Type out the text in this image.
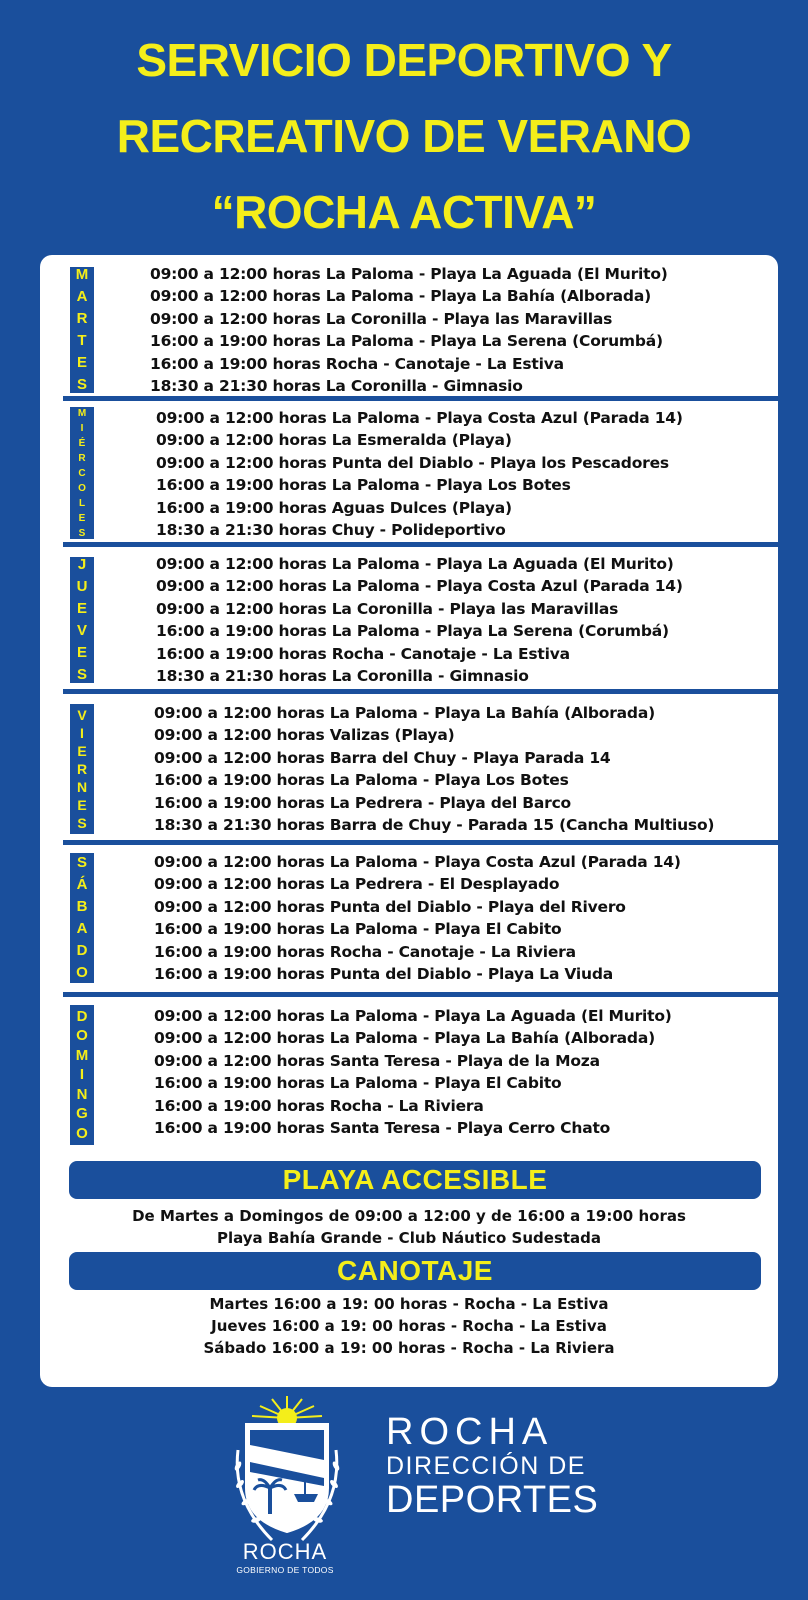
SERVICIO DEPORTIVO Y
RECREATIVO DE VERANO
“ROCHA ACTIVA”
M
A
R
T
E
S
09:00 a 12:00 horas La Paloma - Playa La Aguada (El Murito)
09:00 a 12:00 horas La Paloma - Playa La Bahía (Alborada)
09:00 a 12:00 horas La Coronilla - Playa las Maravillas
16:00 a 19:00 horas La Paloma - Playa La Serena (Corumbá)
16:00 a 19:00 horas Rocha - Canotaje - La Estiva
18:30 a 21:30 horas La Coronilla - Gimnasio
M
I
É
R
C
O
L
E
S
09:00 a 12:00 horas La Paloma - Playa Costa Azul (Parada 14)
09:00 a 12:00 horas La Esmeralda (Playa)
09:00 a 12:00 horas Punta del Diablo - Playa los Pescadores
16:00 a 19:00 horas La Paloma - Playa Los Botes
16:00 a 19:00 horas Aguas Dulces (Playa)
18:30 a 21:30 horas Chuy - Polideportivo
J
U
E
V
E
S
09:00 a 12:00 horas La Paloma - Playa La Aguada (El Murito)
09:00 a 12:00 horas La Paloma - Playa Costa Azul (Parada 14)
09:00 a 12:00 horas La Coronilla - Playa las Maravillas
16:00 a 19:00 horas La Paloma - Playa La Serena (Corumbá)
16:00 a 19:00 horas Rocha - Canotaje - La Estiva
18:30 a 21:30 horas La Coronilla - Gimnasio
V
I
E
R
N
E
S
09:00 a 12:00 horas La Paloma - Playa La Bahía (Alborada)
09:00 a 12:00 horas Valizas (Playa)
09:00 a 12:00 horas Barra del Chuy - Playa Parada 14
16:00 a 19:00 horas La Paloma - Playa Los Botes
16:00 a 19:00 horas La Pedrera - Playa del Barco
18:30 a 21:30 horas Barra de Chuy - Parada 15 (Cancha Multiuso)
S
Á
B
A
D
O
09:00 a 12:00 horas La Paloma - Playa Costa Azul (Parada 14)
09:00 a 12:00 horas La Pedrera - El Desplayado
09:00 a 12:00 horas Punta del Diablo - Playa del Rivero
16:00 a 19:00 horas La Paloma - Playa El Cabito
16:00 a 19:00 horas Rocha - Canotaje - La Riviera
16:00 a 19:00 horas Punta del Diablo - Playa La Viuda
D
O
M
I
N
G
O
09:00 a 12:00 horas La Paloma - Playa La Aguada (El Murito)
09:00 a 12:00 horas La Paloma - Playa La Bahía (Alborada)
09:00 a 12:00 horas Santa Teresa - Playa de la Moza
16:00 a 19:00 horas La Paloma - Playa El Cabito
16:00 a 19:00 horas Rocha - La Riviera
16:00 a 19:00 horas Santa Teresa - Playa Cerro Chato
PLAYA ACCESIBLE
De Martes a Domingos de 09:00 a 12:00 y de 16:00 a 19:00 horas
Playa Bahía Grande - Club Náutico Sudestada
CANOTAJE
Martes 16:00 a 19: 00 horas - Rocha - La Estiva
Jueves 16:00 a 19: 00 horas - Rocha - La Estiva
Sábado 16:00 a 19: 00 horas - Rocha - La Riviera
ROCHA
GOBIERNO DE TODOS
ROCHA
DIRECCIÓN DE
DEPORTES
